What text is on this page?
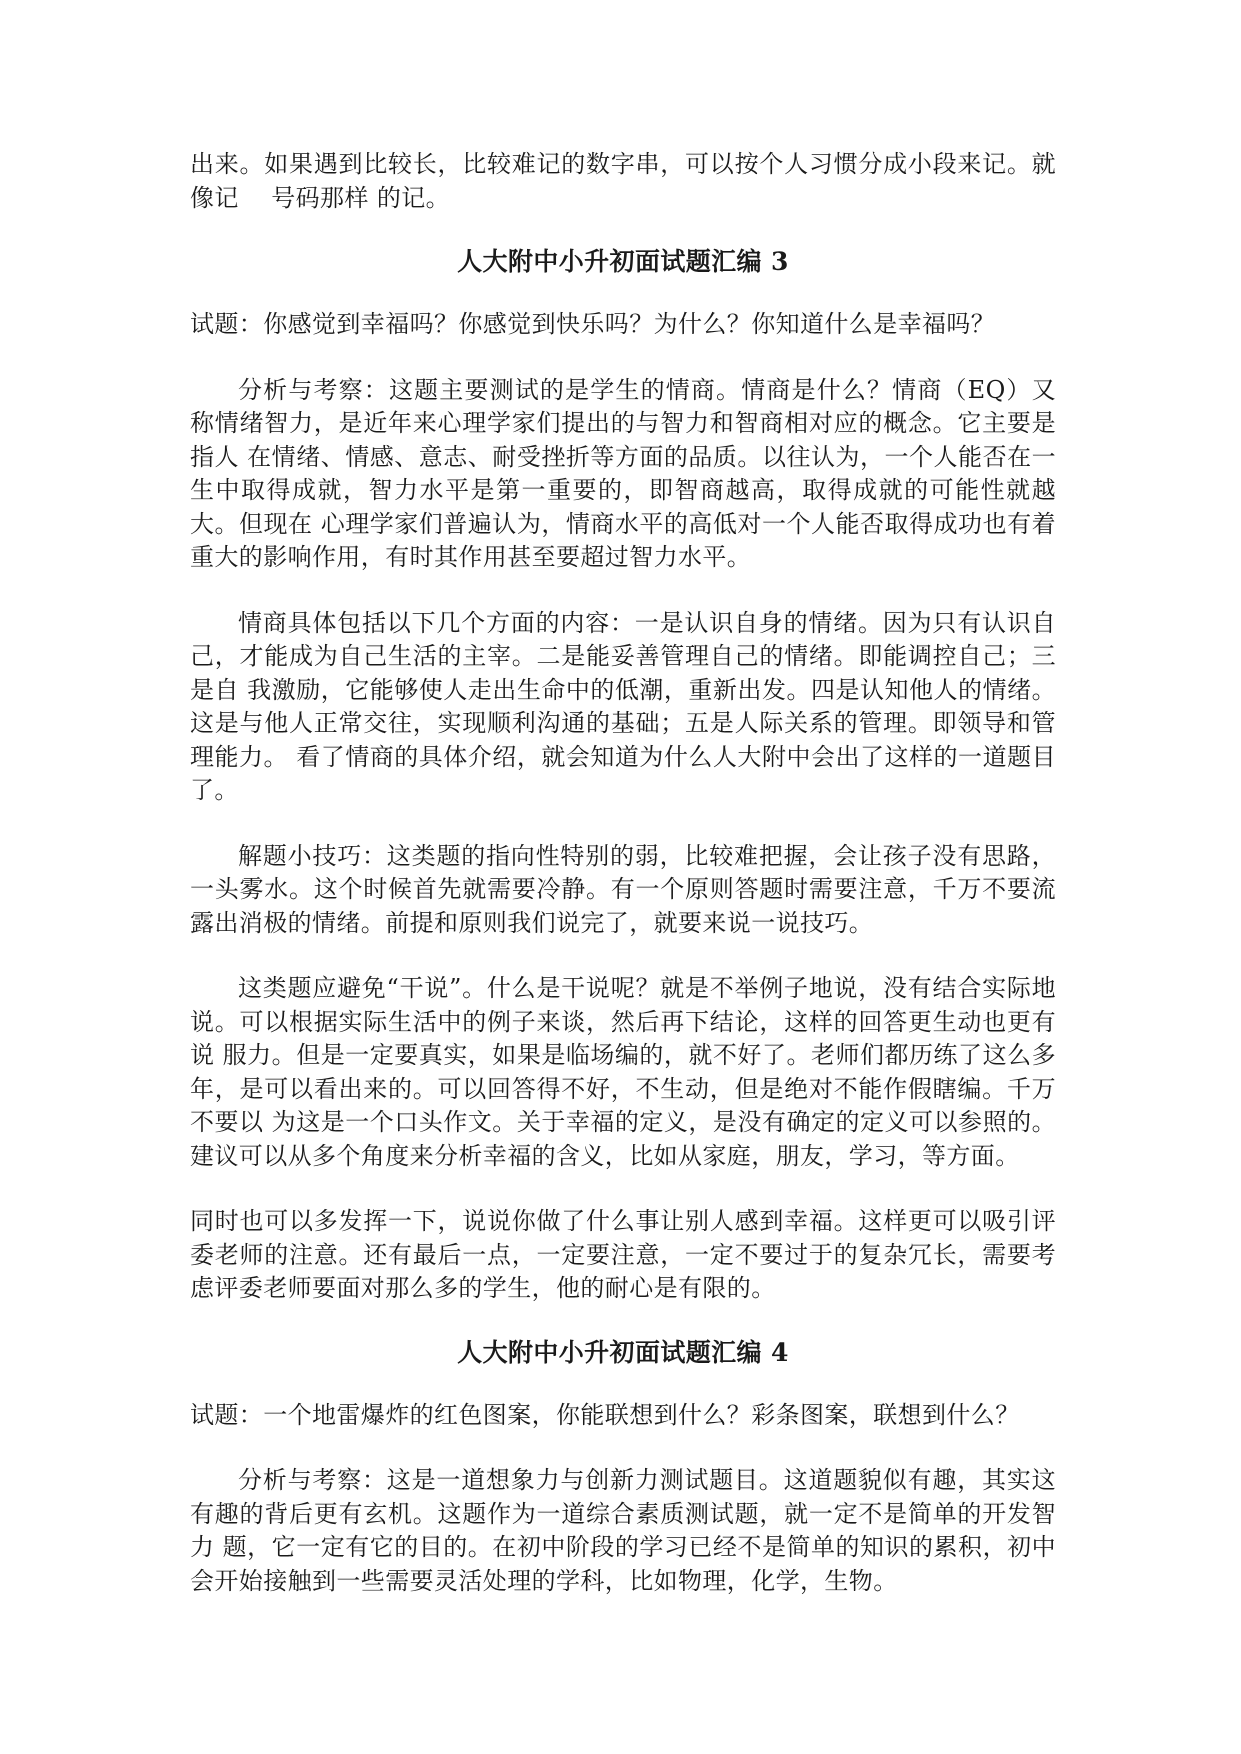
出来。如果遇到比较长，比较难记的数字串，可以按个人习惯分成小段来记。就像记　 号码那样 的记。

人大附中小升初面试题汇编 3

试题：你感觉到幸福吗？你感觉到快乐吗？为什么？你知道什么是幸福吗？

分析与考察：这题主要测试的是学生的情商。情商是什么？情商（EQ）又称情绪智力，是近年来心理学家们提出的与智力和智商相对应的概念。它主要是指人 在情绪、情感、意志、耐受挫折等方面的品质。以往认为，一个人能否在一生中取得成就，智力水平是第一重要的，即智商越高，取得成就的可能性就越大。但现在 心理学家们普遍认为，情商水平的高低对一个人能否取得成功也有着重大的影响作用，有时其作用甚至要超过智力水平。

情商具体包括以下几个方面的内容：一是认识自身的情绪。因为只有认识自己，才能成为自己生活的主宰。二是能妥善管理自己的情绪。即能调控自己；三是自 我激励，它能够使人走出生命中的低潮，重新出发。四是认知他人的情绪。这是与他人正常交往，实现顺利沟通的基础；五是人际关系的管理。即领导和管理能力。 看了情商的具体介绍，就会知道为什么人大附中会出了这样的一道题目了。

解题小技巧：这类题的指向性特别的弱，比较难把握，会让孩子没有思路，一头雾水。这个时候首先就需要冷静。有一个原则答题时需要注意，千万不要流露出消极的情绪。前提和原则我们说完了，就要来说一说技巧。

这类题应避免“干说”。什么是干说呢？就是不举例子地说，没有结合实际地说。可以根据实际生活中的例子来谈，然后再下结论，这样的回答更生动也更有说 服力。但是一定要真实，如果是临场编的，就不好了。老师们都历练了这么多年，是可以看出来的。可以回答得不好，不生动，但是绝对不能作假瞎编。千万不要以 为这是一个口头作文。关于幸福的定义，是没有确定的定义可以参照的。建议可以从多个角度来分析幸福的含义，比如从家庭，朋友，学习，等方面。

同时也可以多发挥一下，说说你做了什么事让别人感到幸福。这样更可以吸引评委老师的注意。还有最后一点，一定要注意，一定不要过于的复杂冗长，需要考虑评委老师要面对那么多的学生，他的耐心是有限的。

人大附中小升初面试题汇编 4

试题：一个地雷爆炸的红色图案，你能联想到什么？彩条图案，联想到什么？

分析与考察：这是一道想象力与创新力测试题目。这道题貌似有趣，其实这有趣的背后更有玄机。这题作为一道综合素质测试题，就一定不是简单的开发智力 题，它一定有它的目的。在初中阶段的学习已经不是简单的知识的累积，初中会开始接触到一些需要灵活处理的学科，比如物理，化学，生物。
